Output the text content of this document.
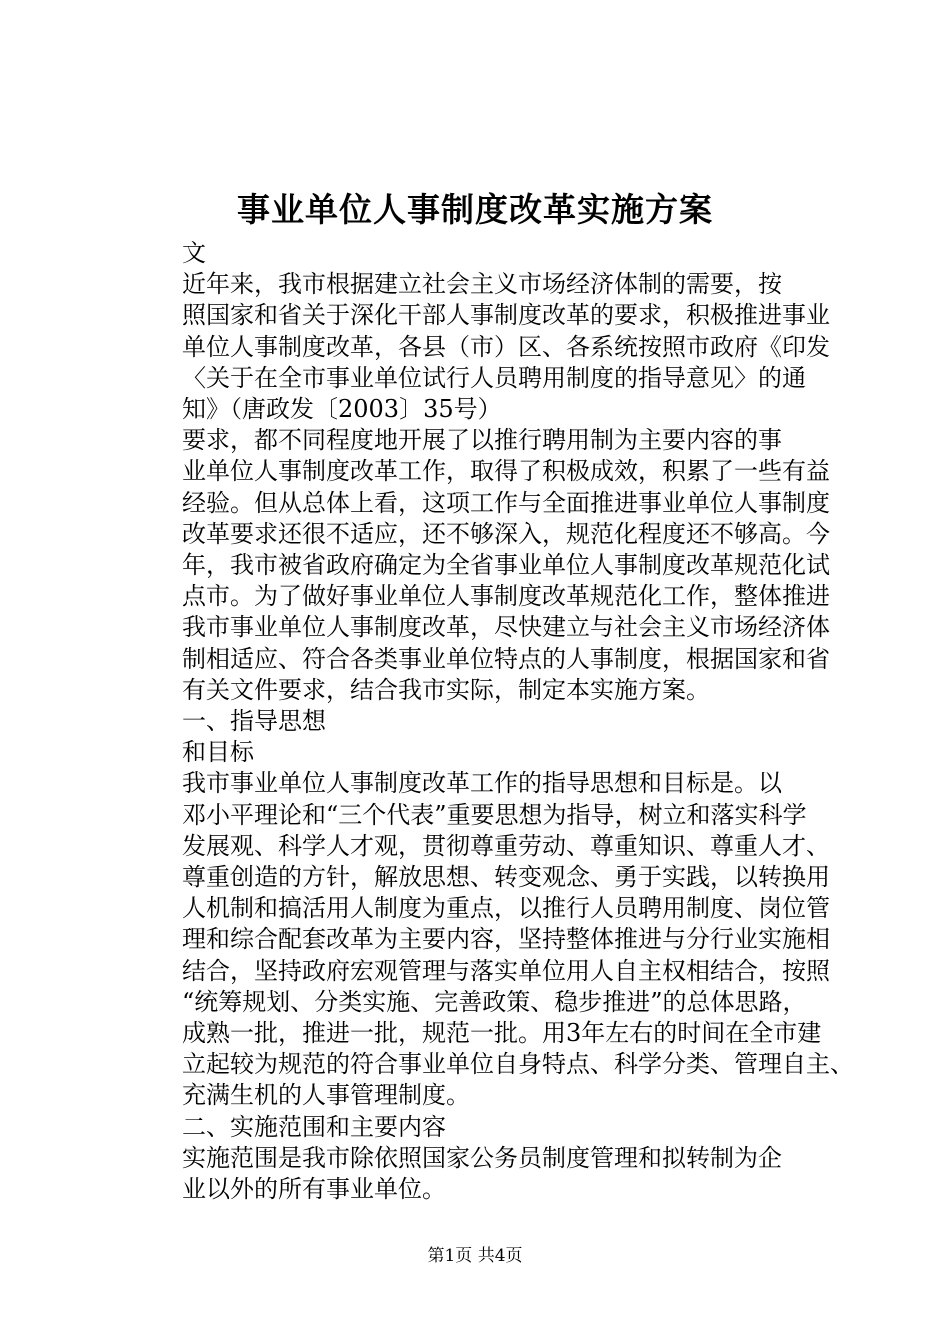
事业单位人事制度改革实施方案

文

近年来，我市根据建立社会主义市场经济体制的需要，按
照国家和省关于深化干部人事制度改革的要求，积极推进事业
单位人事制度改革，各县（市）区、各系统按照市政府《印发
〈关于在全市事业单位试行人员聘用制度的指导意见〉的通
知》（唐政发〔2003〕35号）

要求，都不同程度地开展了以推行聘用制为主要内容的事
业单位人事制度改革工作，取得了积极成效，积累了一些有益
经验。但从总体上看，这项工作与全面推进事业单位人事制度
改革要求还很不适应，还不够深入，规范化程度还不够高。今
年，我市被省政府确定为全省事业单位人事制度改革规范化试
点市。为了做好事业单位人事制度改革规范化工作，整体推进
我市事业单位人事制度改革，尽快建立与社会主义市场经济体
制相适应、符合各类事业单位特点的人事制度，根据国家和省
有关文件要求，结合我市实际，制定本实施方案。

一、指导思想

和目标

我市事业单位人事制度改革工作的指导思想和目标是。以
邓小平理论和“三个代表”重要思想为指导，树立和落实科学
发展观、科学人才观，贯彻尊重劳动、尊重知识、尊重人才、
尊重创造的方针，解放思想、转变观念、勇于实践，以转换用
人机制和搞活用人制度为重点，以推行人员聘用制度、岗位管
理和综合配套改革为主要内容，坚持整体推进与分行业实施相
结合，坚持政府宏观管理与落实单位用人自主权相结合，按照
“统筹规划、分类实施、完善政策、稳步推进”的总体思路，
成熟一批，推进一批，规范一批。用3年左右的时间在全市建
立起较为规范的符合事业单位自身特点、科学分类、管理自主、
充满生机的人事管理制度。

二、实施范围和主要内容

实施范围是我市除依照国家公务员制度管理和拟转制为企
业以外的所有事业单位。

第1页 共4页
